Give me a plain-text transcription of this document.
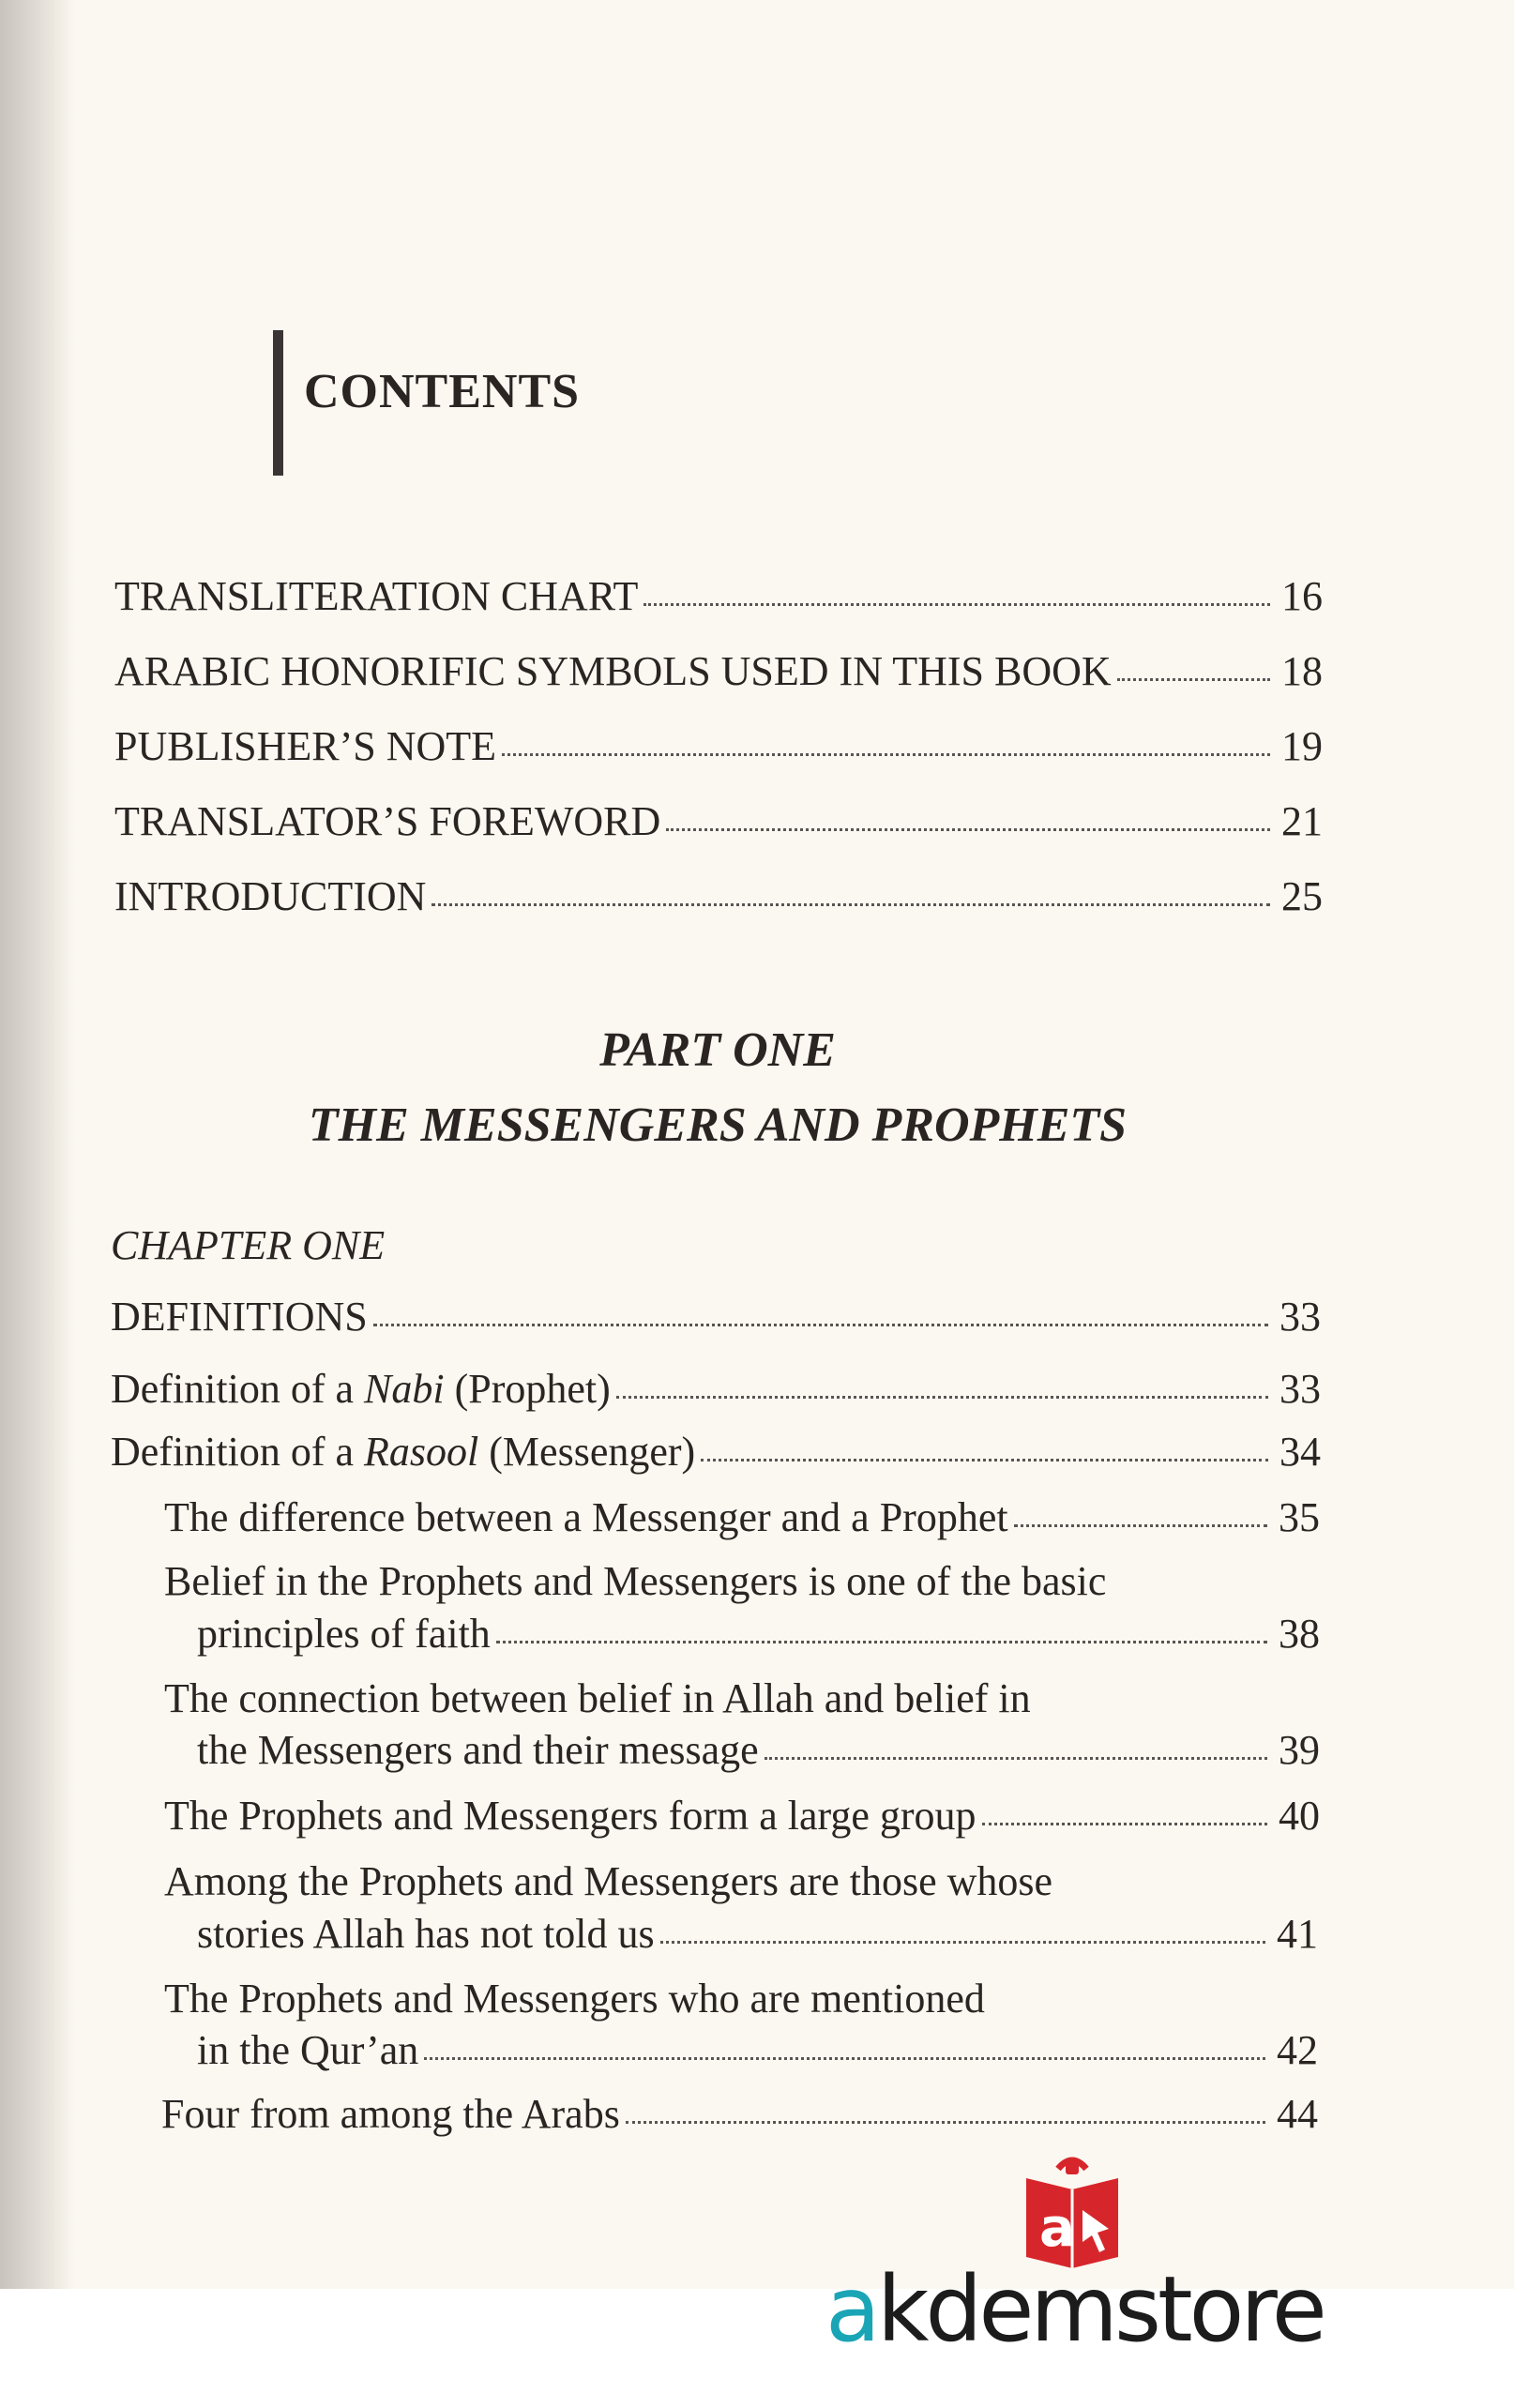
CONTENTS
TRANSLITERATION CHART	16
ARABIC HONORIFIC SYMBOLS USED IN THIS BOOK	18
PUBLISHER’S NOTE	19
TRANSLATOR’S FOREWORD	21
INTRODUCTION	25
PART ONE
THE MESSENGERS AND PROPHETS
CHAPTER ONE
DEFINITIONS	33
Definition of a Nabi (Prophet)	33
Definition of a Rasool (Messenger)	34
The difference between a Messenger and a Prophet	35
Belief in the Prophets and Messengers is one of the basic
principles of faith	38
The connection between belief in Allah and belief in
the Messengers and their message	39
The Prophets and Messengers form a large group	40
Among the Prophets and Messengers are those whose
stories Allah has not told us	41
The Prophets and Messengers who are mentioned
in the Qur’an	42
Four from among the Arabs	44
a
akdemstore
